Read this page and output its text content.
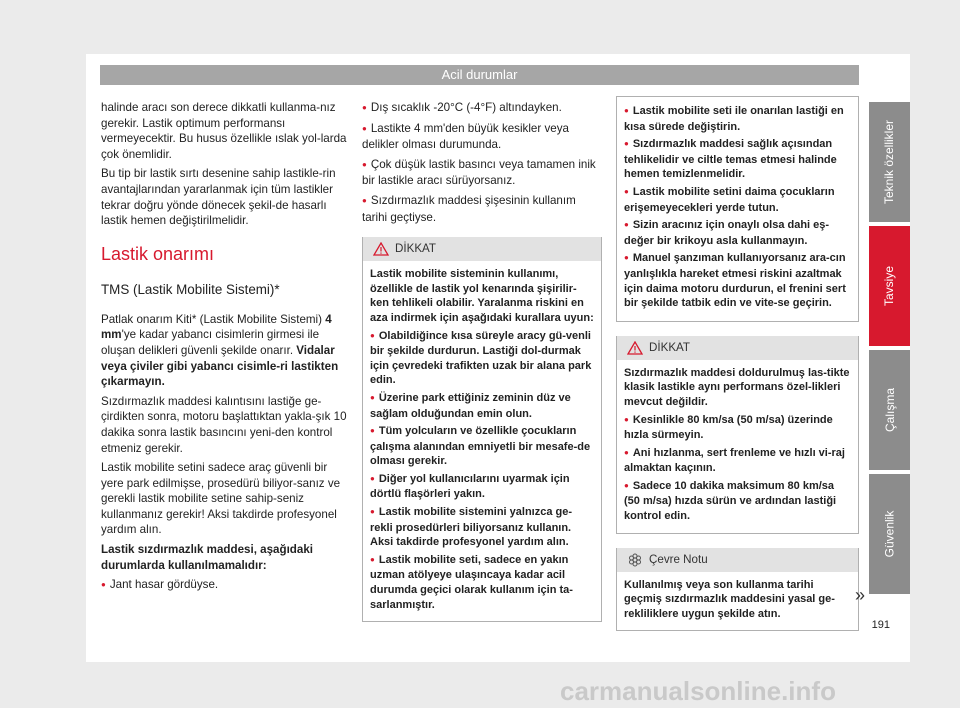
Acil durumlar

halinde aracı son derece dikkatli kullanma-nız gerekir. Lastik optimum performansı vermeyecektir. Bu husus özellikle ıslak yol-larda çok önemlidir.

Bu tip bir lastik sırtı desenine sahip lastikle-rin avantajlarından yararlanmak için tüm lastikler tekrar doğru yönde dönecek şekil-de hasarlı lastik hemen değiştirilmelidir.

Lastik onarımı
TMS (Lastik Mobilite Sistemi)*

Patlak onarım Kiti* (Lastik Mobilite Sistemi) 4 mm'ye kadar yabancı cisimlerin girmesi ile oluşan delikleri güvenli şekilde onarır. Vidalar veya çiviler gibi yabancı cisimle-ri lastikten çıkarmayın.

Sızdırmazlık maddesi kalıntısını lastiğe ge-çirdikten sonra, motoru başlattıktan yakla-şık 10 dakika sonra lastik basıncını yeni-den kontrol etmeniz gerekir.

Lastik mobilite setini sadece araç güvenli bir yere park edilmişse, prosedürü biliyor-sanız ve gerekli lastik mobilite setine sahip-seniz kullanmanız gerekir! Aksi takdirde profesyonel yardım alın.

Lastik sızdırmazlık maddesi, aşağıdaki durumlarda kullanılmamalıdır:

● Jant hasar gördüyse.

● Dış sıcaklık -20°C (-4°F) altındayken.

● Lastikte 4 mm'den büyük kesikler veya delikler olması durumunda.

● Çok düşük lastik basıncı veya tamamen inik bir lastikle aracı sürüyorsanız.

● Sızdırmazlık maddesi şişesinin kullanım tarihi geçtiyse.

DİKKAT

Lastik mobilite sisteminin kullanımı, özellikle de lastik yol kenarında şişirilir-ken tehlikeli olabilir. Yaralanma riskini en aza indirmek için aşağıdaki kurallara uyun:

● Olabildiğince kısa süreyle aracy gü-venli bir şekilde durdurun. Lastiği dol-durmak için çevredeki trafikten uzak bir alana park edin.

● Üzerine park ettiğiniz zeminin düz ve sağlam olduğundan emin olun.

● Tüm yolcuların ve özellikle çocukların çalışma alanından emniyetli bir mesafe-de olması gerekir.

● Diğer yol kullanıcılarını uyarmak için dörtlü flaşörleri yakın.

● Lastik mobilite sistemini yalnızca ge-rekli prosedürleri biliyorsanız kullanın. Aksi takdirde profesyonel yardım alın.

● Lastik mobilite seti, sadece en yakın uzman atölyeye ulaşıncaya kadar acil durumda geçici olarak kullanım için ta-sarlanmıştır.

● Lastik mobilite seti ile onarılan lastiği en kısa sürede değiştirin.

● Sızdırmazlık maddesi sağlık açısından tehlikelidir ve ciltle temas etmesi halinde hemen temizlenmelidir.

● Lastik mobilite setini daima çocukların erişemeyecekleri yerde tutun.

● Sizin aracınız için onaylı olsa dahi eş-değer bir krikoyu asla kullanmayın.

● Manuel şanzıman kullanıyorsanız ara-cın yanlışlıkla hareket etmesi riskini azaltmak için daima motoru durdurun, el frenini sert bir şekilde tatbik edin ve vite-se geçirin.

DİKKAT

Sızdırmazlık maddesi doldurulmuş las-tikte klasik lastikle aynı performans özel-likleri mevcut değildir.

● Kesinlikle 80 km/sa (50 m/sa) üzerinde hızla sürmeyin.

● Ani hızlanma, sert frenleme ve hızlı vi-raj almaktan kaçının.

● Sadece 10 dakika maksimum 80 km/sa (50 m/sa) hızda sürün ve ardından lastiği kontrol edin.

Çevre Notu

Kullanılmış veya son kullanma tarihi geçmiş sızdırmazlık maddesini yasal ge-rekliliklere uygun şekilde atın.

Teknik özellikler
Tavsiye
Çalışma
Güvenlik
»
191
carmanualsonline.info
